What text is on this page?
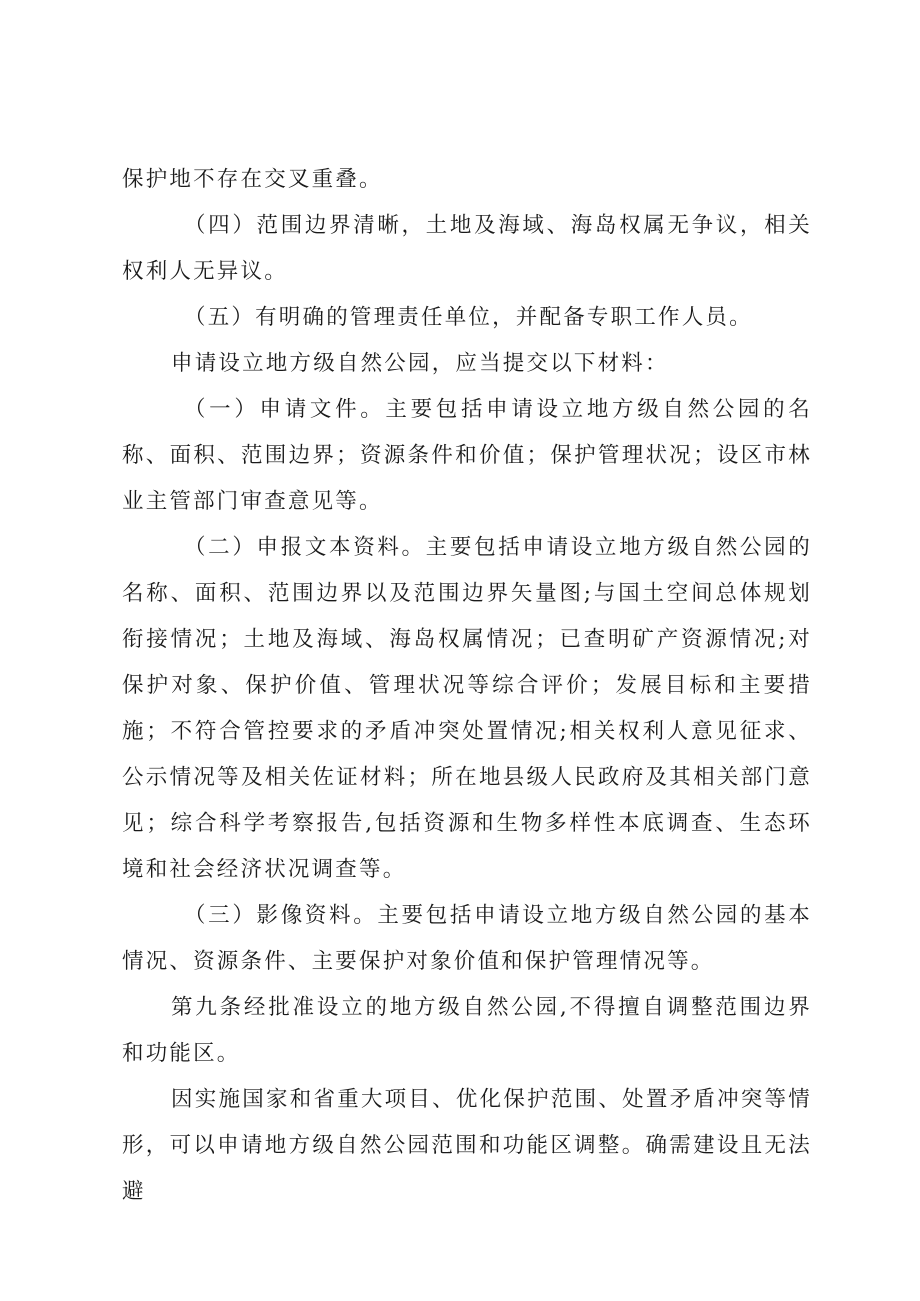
保护地不存在交叉重叠。

（四）范围边界清晰，土地及海域、海岛权属无争议，相关权利人无异议。

（五）有明确的管理责任单位，并配备专职工作人员。

申请设立地方级自然公园，应当提交以下材料：

（一）申请文件。主要包括申请设立地方级自然公园的名称、面积、范围边界；资源条件和价值；保护管理状况；设区市林业主管部门审查意见等。

（二）申报文本资料。主要包括申请设立地方级自然公园的名称、面积、范围边界以及范围边界矢量图;与国土空间总体规划衔接情况；土地及海域、海岛权属情况；已查明矿产资源情况;对保护对象、保护价值、管理状况等综合评价；发展目标和主要措施；不符合管控要求的矛盾冲突处置情况;相关权利人意见征求、公示情况等及相关佐证材料；所在地县级人民政府及其相关部门意见；综合科学考察报告,包括资源和生物多样性本底调查、生态环境和社会经济状况调查等。

（三）影像资料。主要包括申请设立地方级自然公园的基本情况、资源条件、主要保护对象价值和保护管理情况等。

第九条经批准设立的地方级自然公园,不得擅自调整范围边界和功能区。

因实施国家和省重大项目、优化保护范围、处置矛盾冲突等情形，可以申请地方级自然公园范围和功能区调整。确需建设且无法避
